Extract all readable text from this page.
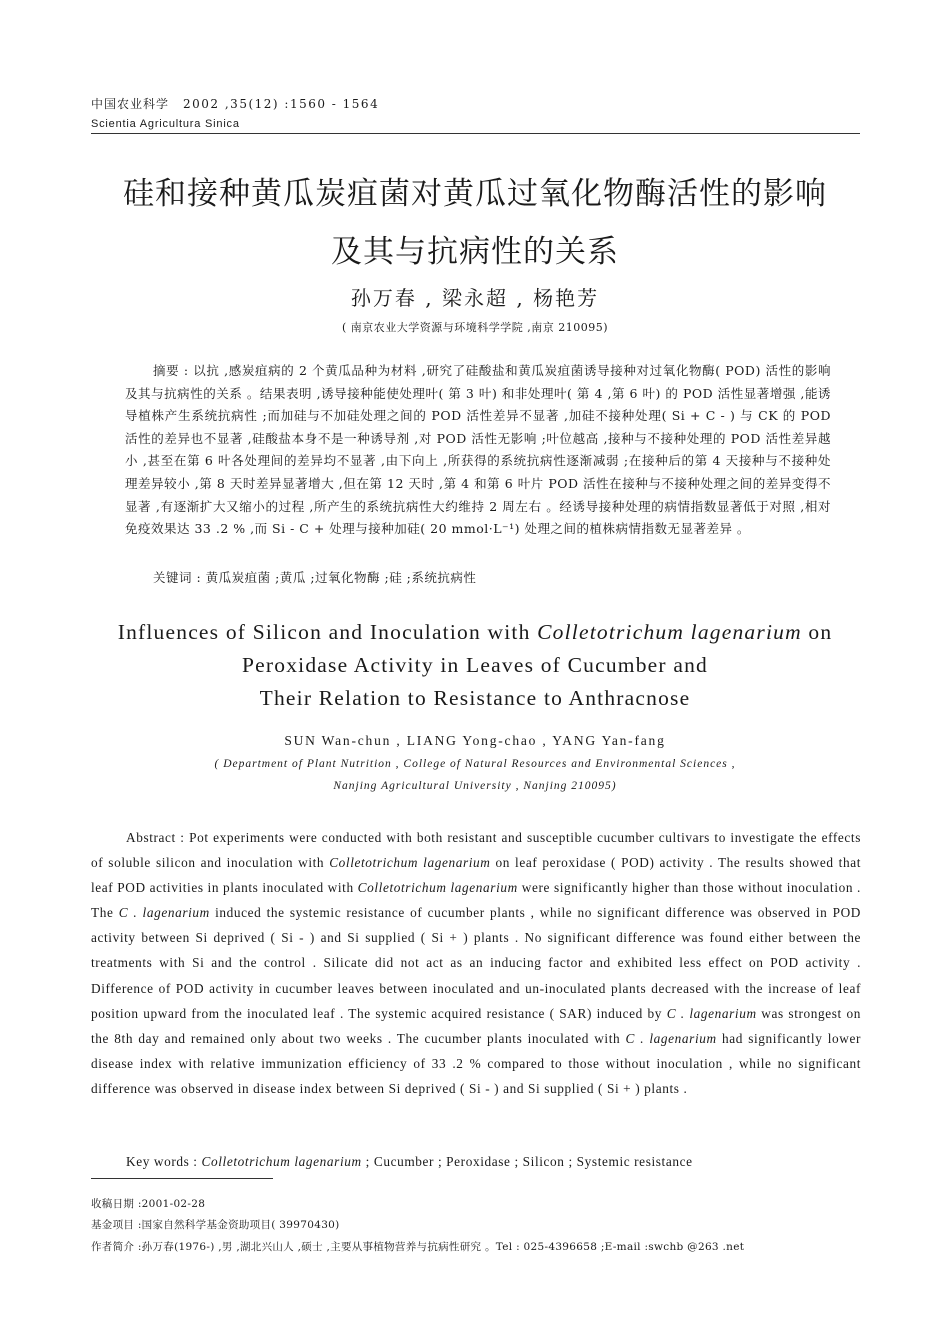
中国农业科学 2002 ,35(12) :1560 - 1564
Scientia Agricultura Sinica
硅和接种黄瓜炭疽菌对黄瓜过氧化物酶活性的影响
及其与抗病性的关系
孙万春 , 梁永超 , 杨艳芳
( 南京农业大学资源与环境科学学院 ,南京 210095)
摘要 : 以抗 ,感炭疽病的 2 个黄瓜品种为材料 ,研究了硅酸盐和黄瓜炭疽菌诱导接种对过氧化物酶( POD) 活性的影响及其与抗病性的关系 。结果表明 ,诱导接种能使处理叶( 第 3 叶) 和非处理叶( 第 4 ,第 6 叶) 的 POD 活性显著增强 ,能诱导植株产生系统抗病性 ;而加硅与不加硅处理之间的 POD 活性差异不显著 ,加硅不接种处理( Si + C - ) 与 CK 的 POD 活性的差异也不显著 ,硅酸盐本身不是一种诱导剂 ,对 POD 活性无影响 ;叶位越高 ,接种与不接种处理的 POD 活性差异越小 ,甚至在第 6 叶各处理间的差异均不显著 ,由下向上 ,所获得的系统抗病性逐渐减弱 ;在接种后的第 4 天接种与不接种处理差异较小 ,第 8 天时差异显著增大 ,但在第 12 天时 ,第 4 和第 6 叶片 POD 活性在接种与不接种处理之间的差异变得不显著 ,有逐渐扩大又缩小的过程 ,所产生的系统抗病性大约维持 2 周左右 。经诱导接种处理的病情指数显著低于对照 ,相对免疫效果达 33 .2 % ,而 Si - C + 处理与接种加硅( 20 mmol·L⁻¹) 处理之间的植株病情指数无显著差异 。
关键词 : 黄瓜炭疽菌 ;黄瓜 ;过氧化物酶 ;硅 ;系统抗病性
Influences of Silicon and Inoculation with Colletotrichum lagenarium on
Peroxidase Activity in Leaves of Cucumber and
Their Relation to Resistance to Anthracnose
SUN Wan-chun , LIANG Yong-chao , YANG Yan-fang
( Department of Plant Nutrition , College of Natural Resources and Environmental Sciences ,
Nanjing Agricultural University , Nanjing 210095)
Abstract : Pot experiments were conducted with both resistant and susceptible cucumber cultivars to investigate the effects of soluble silicon and inoculation with Colletotrichum lagenarium on leaf peroxidase ( POD) activity . The results showed that leaf POD activities in plants inoculated with Colletotrichum lagenarium were significantly higher than those without inoculation . The C . lagenarium induced the systemic resistance of cucumber plants , while no significant difference was observed in POD activity between Si deprived ( Si - ) and Si supplied ( Si + ) plants . No significant difference was found either between the treatments with Si and the control . Silicate did not act as an inducing factor and exhibited less effect on POD activity . Difference of POD activity in cucumber leaves between inoculated and un-inoculated plants decreased with the increase of leaf position upward from the inoculated leaf . The systemic acquired resistance ( SAR) induced by C . lagenarium was strongest on the 8th day and remained only about two weeks . The cucumber plants inoculated with C . lagenarium had significantly lower disease index with relative immunization efficiency of 33 .2 % compared to those without inoculation , while no significant difference was observed in disease index between Si deprived ( Si - ) and Si supplied ( Si + ) plants .
Key words : Colletotrichum lagenarium ; Cucumber ; Peroxidase ; Silicon ; Systemic resistance
收稿日期 :2001-02-28
基金项目 :国家自然科学基金资助项目( 39970430)
作者简介 :孙万春(1976-) ,男 ,湖北兴山人 ,硕士 ,主要从事植物营养与抗病性研究 。Tel : 025-4396658 ;E-mail :swchb @263 .net
